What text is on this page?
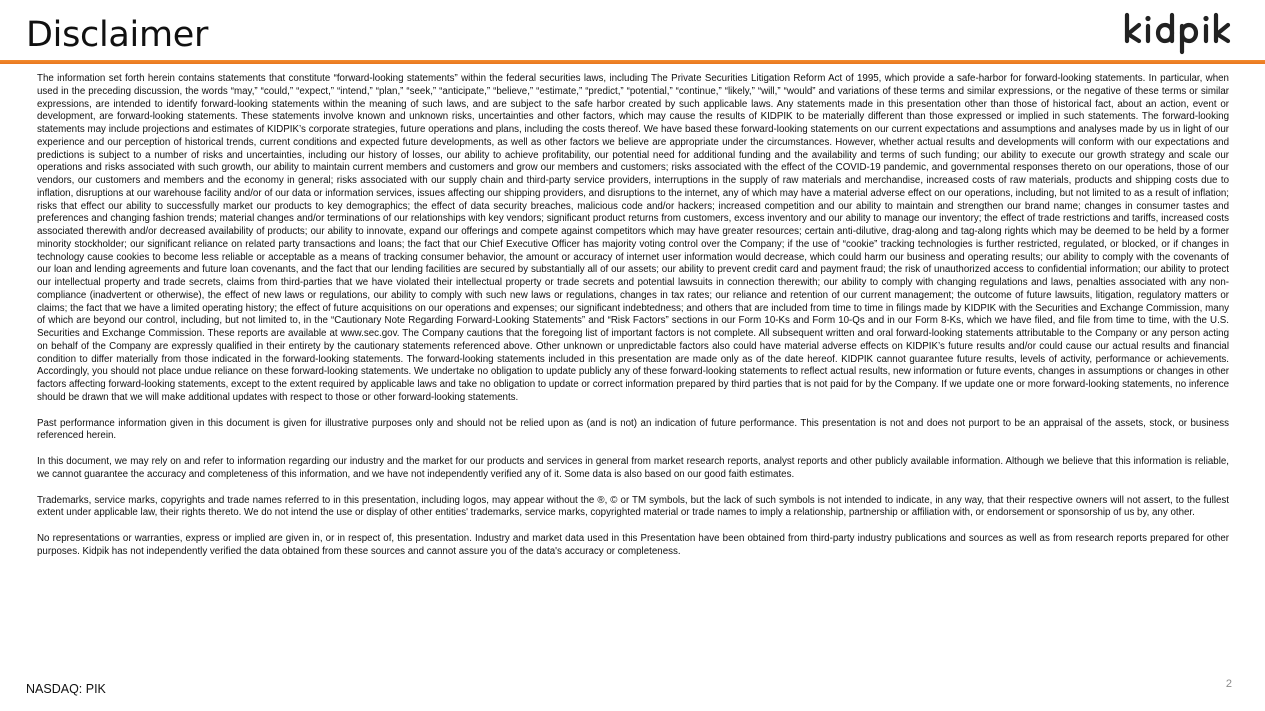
Disclaimer

The information set forth herein contains statements that constitute “forward-looking statements” within the federal securities laws, including The Private Securities Litigation Reform Act of 1995, which provide a safe-harbor for forward-looking statements. In particular, when used in the preceding discussion, the words “may,” “could,” “expect,” “intend,” “plan,” “seek,” “anticipate,” “believe,” “estimate,” “predict,” “potential,” “continue,” “likely,” “will,” “would” and variations of these terms and similar expressions, or the negative of these terms or similar expressions, are intended to identify forward-looking statements within the meaning of such laws, and are subject to the safe harbor created by such applicable laws. Any statements made in this presentation other than those of historical fact, about an action, event or development, are forward-looking statements. These statements involve known and unknown risks, uncertainties and other factors, which may cause the results of KIDPIK to be materially different than those expressed or implied in such statements. The forward-looking statements may include projections and estimates of KIDPIK’s corporate strategies, future operations and plans, including the costs thereof. We have based these forward-looking statements on our current expectations and assumptions and analyses made by us in light of our experience and our perception of historical trends, current conditions and expected future developments, as well as other factors we believe are appropriate under the circumstances. However, whether actual results and developments will conform with our expectations and predictions is subject to a number of risks and uncertainties, including our history of losses, our ability to achieve profitability, our potential need for additional funding and the availability and terms of such funding; our ability to execute our growth strategy and scale our operations and risks associated with such growth, our ability to maintain current members and customers and grow our members and customers; risks associated with the effect of the COVID-19 pandemic, and governmental responses thereto on our operations, those of our vendors, our customers and members and the economy in general; risks associated with our supply chain and third-party service providers, interruptions in the supply of raw materials and merchandise, increased costs of raw materials, products and shipping costs due to inflation, disruptions at our warehouse facility and/or of our data or information services, issues affecting our shipping providers, and disruptions to the internet, any of which may have a material adverse effect on our operations, including, but not limited to as a result of inflation; risks that effect our ability to successfully market our products to key demographics; the effect of data security breaches, malicious code and/or hackers; increased competition and our ability to maintain and strengthen our brand name; changes in consumer tastes and preferences and changing fashion trends; material changes and/or terminations of our relationships with key vendors; significant product returns from customers, excess inventory and our ability to manage our inventory; the effect of trade restrictions and tariffs, increased costs associated therewith and/or decreased availability of products; our ability to innovate, expand our offerings and compete against competitors which may have greater resources; certain anti-dilutive, drag-along and tag-along rights which may be deemed to be held by a former minority stockholder; our significant reliance on related party transactions and loans; the fact that our Chief Executive Officer has majority voting control over the Company; if the use of “cookie” tracking technologies is further restricted, regulated, or blocked, or if changes in technology cause cookies to become less reliable or acceptable as a means of tracking consumer behavior, the amount or accuracy of internet user information would decrease, which could harm our business and operating results; our ability to comply with the covenants of our loan and lending agreements and future loan covenants, and the fact that our lending facilities are secured by substantially all of our assets; our ability to prevent credit card and payment fraud; the risk of unauthorized access to confidential information; our ability to protect our intellectual property and trade secrets, claims from third-parties that we have violated their intellectual property or trade secrets and potential lawsuits in connection therewith; our ability to comply with changing regulations and laws, penalties associated with any non-compliance (inadvertent or otherwise), the effect of new laws or regulations, our ability to comply with such new laws or regulations, changes in tax rates; our reliance and retention of our current management; the outcome of future lawsuits, litigation, regulatory matters or claims; the fact that we have a limited operating history; the effect of future acquisitions on our operations and expenses; our significant indebtedness; and others that are included from time to time in filings made by KIDPIK with the Securities and Exchange Commission, many of which are beyond our control, including, but not limited to, in the “Cautionary Note Regarding Forward-Looking Statements” and “Risk Factors” sections in our Form 10-Ks and Form 10-Qs and in our Form 8-Ks, which we have filed, and file from time to time, with the U.S. Securities and Exchange Commission. These reports are available at www.sec.gov. The Company cautions that the foregoing list of important factors is not complete. All subsequent written and oral forward-looking statements attributable to the Company or any person acting on behalf of the Company are expressly qualified in their entirety by the cautionary statements referenced above. Other unknown or unpredictable factors also could have material adverse effects on KIDPIK’s future results and/or could cause our actual results and financial condition to differ materially from those indicated in the forward-looking statements. The forward-looking statements included in this presentation are made only as of the date hereof. KIDPIK cannot guarantee future results, levels of activity, performance or achievements. Accordingly, you should not place undue reliance on these forward-looking statements. We undertake no obligation to update publicly any of these forward-looking statements to reflect actual results, new information or future events, changes in assumptions or changes in other factors affecting forward-looking statements, except to the extent required by applicable laws and take no obligation to update or correct information prepared by third parties that is not paid for by the Company. If we update one or more forward-looking statements, no inference should be drawn that we will make additional updates with respect to those or other forward-looking statements.

Past performance information given in this document is given for illustrative purposes only and should not be relied upon as (and is not) an indication of future performance. This presentation is not and does not purport to be an appraisal of the assets, stock, or business referenced herein.

In this document, we may rely on and refer to information regarding our industry and the market for our products and services in general from market research reports, analyst reports and other publicly available information. Although we believe that this information is reliable, we cannot guarantee the accuracy and completeness of this information, and we have not independently verified any of it. Some data is also based on our good faith estimates.

Trademarks, service marks, copyrights and trade names referred to in this presentation, including logos, may appear without the ®, © or TM symbols, but the lack of such symbols is not intended to indicate, in any way, that their respective owners will not assert, to the fullest extent under applicable law, their rights thereto. We do not intend the use or display of other entities' trademarks, service marks, copyrighted material or trade names to imply a relationship, partnership or affiliation with, or endorsement or sponsorship of us by, any other.

No representations or warranties, express or implied are given in, or in respect of, this presentation. Industry and market data used in this Presentation have been obtained from third-party industry publications and sources as well as from research reports prepared for other purposes. Kidpik has not independently verified the data obtained from these sources and cannot assure you of the data's accuracy or completeness.

NASDAQ: PIK	2
